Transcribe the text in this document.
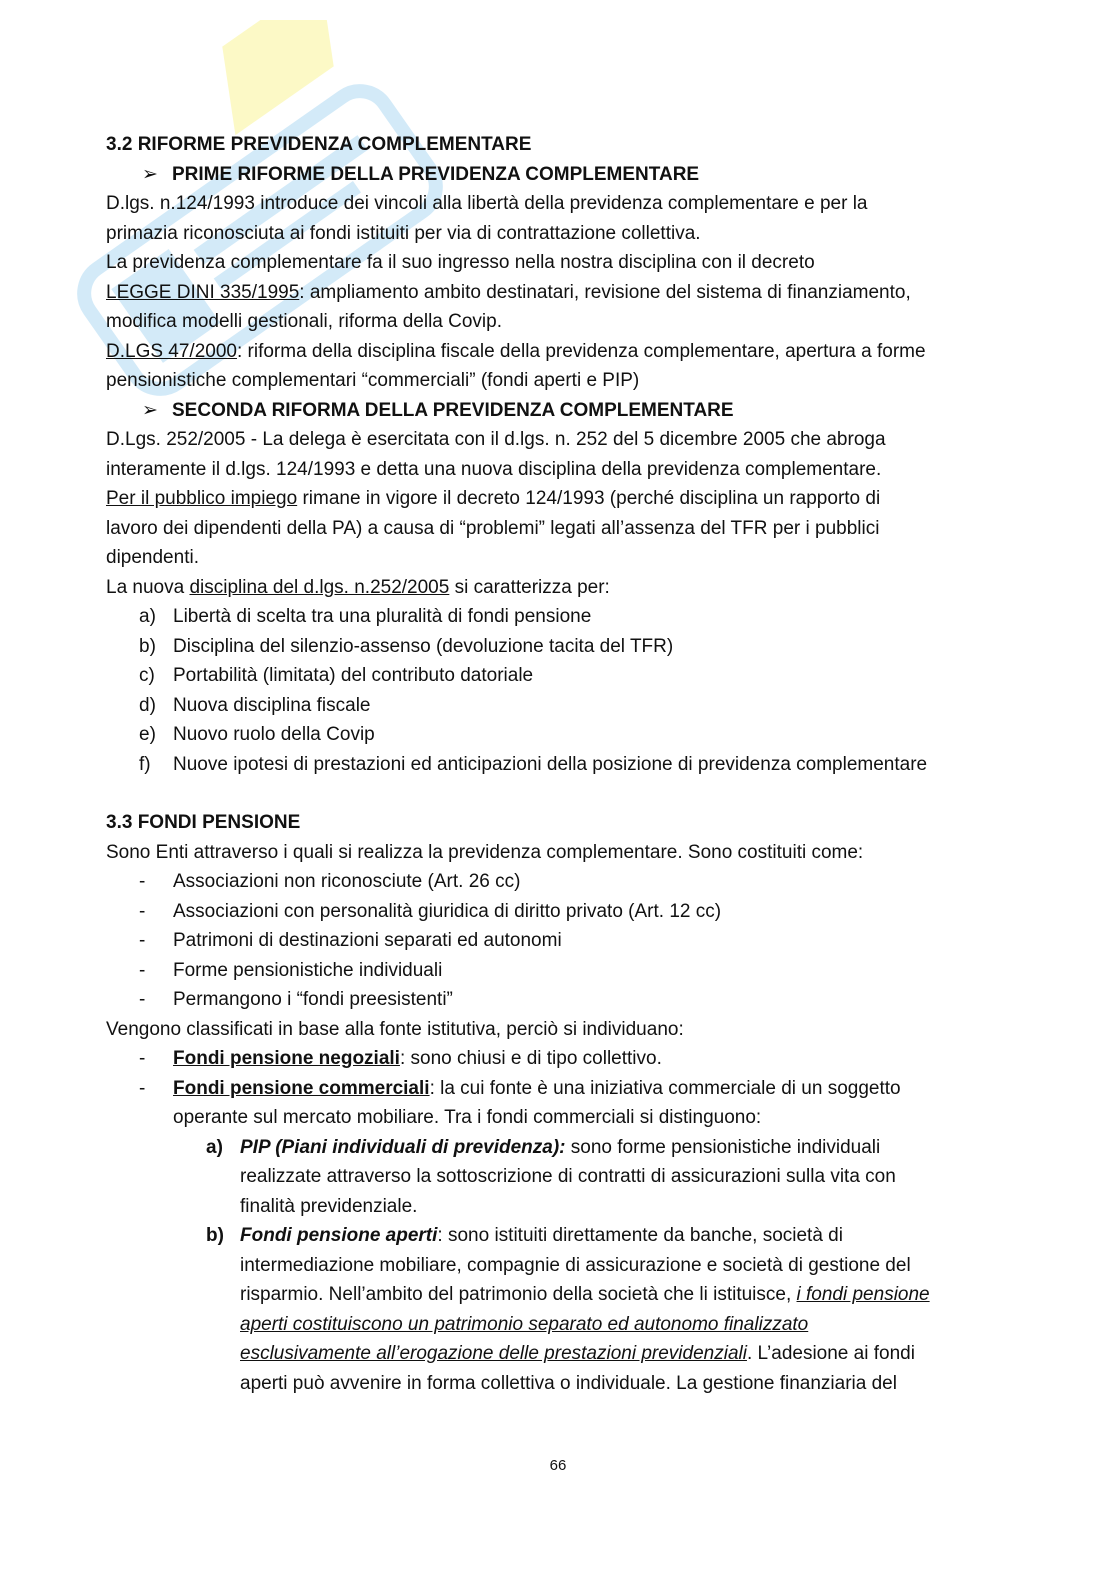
3.2 RIFORME PREVIDENZA COMPLEMENTARE
➢ PRIME RIFORME DELLA PREVIDENZA COMPLEMENTARE
D.lgs. n.124/1993 introduce dei vincoli alla libertà della previdenza complementare e per la
primazia riconosciuta ai fondi istituiti per via di contrattazione collettiva.
La previdenza complementare fa il suo ingresso nella nostra disciplina con il decreto
LEGGE DINI 335/1995: ampliamento ambito destinatari, revisione del sistema di finanziamento,
modifica modelli gestionali, riforma della Covip.
D.LGS 47/2000: riforma della disciplina fiscale della previdenza complementare, apertura a forme
pensionistiche complementari “commerciali” (fondi aperti e PIP)
➢ SECONDA RIFORMA DELLA PREVIDENZA COMPLEMENTARE
D.Lgs. 252/2005 - La delega è esercitata con il d.lgs. n. 252 del 5 dicembre 2005 che abroga
interamente il d.lgs. 124/1993 e detta una nuova disciplina della previdenza complementare.
Per il pubblico impiego rimane in vigore il decreto 124/1993 (perché disciplina un rapporto di
lavoro dei dipendenti della PA) a causa di “problemi” legati all’assenza del TFR per i pubblici
dipendenti.
La nuova disciplina del d.lgs. n.252/2005 si caratterizza per:
a) Libertà di scelta tra una pluralità di fondi pensione
b) Disciplina del silenzio-assenso (devoluzione tacita del TFR)
c) Portabilità (limitata) del contributo datoriale
d) Nuova disciplina fiscale
e) Nuovo ruolo della Covip
f) Nuove ipotesi di prestazioni ed anticipazioni della posizione di previdenza complementare
3.3 FONDI PENSIONE
Sono Enti attraverso i quali si realizza la previdenza complementare. Sono costituiti come:
- Associazioni non riconosciute (Art. 26 cc)
- Associazioni con personalità giuridica di diritto privato (Art. 12 cc)
- Patrimoni di destinazioni separati ed autonomi
- Forme pensionistiche individuali
- Permangono i “fondi preesistenti”
Vengono classificati in base alla fonte istitutiva, perciò si individuano:
- Fondi pensione negoziali: sono chiusi e di tipo collettivo.
- Fondi pensione commerciali: la cui fonte è una iniziativa commerciale di un soggetto
operante sul mercato mobiliare. Tra i fondi commerciali si distinguono:
a) PIP (Piani individuali di previdenza): sono forme pensionistiche individuali
realizzate attraverso la sottoscrizione di contratti di assicurazioni sulla vita con
finalità previdenziale.
b) Fondi pensione aperti: sono istituiti direttamente da banche, società di
intermediazione mobiliare, compagnie di assicurazione e società di gestione del
risparmio. Nell’ambito del patrimonio della società che li istituisce, i fondi pensione
aperti costituiscono un patrimonio separato ed autonomo finalizzato
esclusivamente all’erogazione delle prestazioni previdenziali. L’adesione ai fondi
aperti può avvenire in forma collettiva o individuale. La gestione finanziaria del
66
